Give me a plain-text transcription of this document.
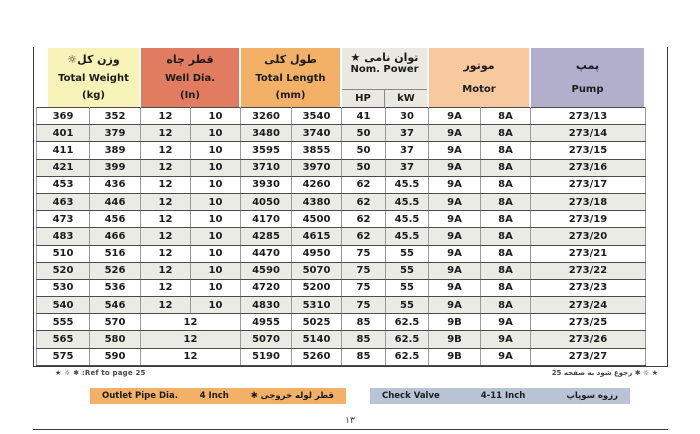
وزن کل☼
Total Weight
(kg)
قطر چاه
Well Dia.
(In)
طول کلی
Total Length
(mm)
توان نامی ★
Nom. Power
HP	kW
موتور
Motor
پمپ
Pump
369	352	12	10	3260	3540	41	30	9A	8A	273/13
401	379	12	10	3480	3740	50	37	9A	8A	273/14
411	389	12	10	3595	3855	50	37	9A	8A	273/15
421	399	12	10	3710	3970	50	37	9A	8A	273/16
453	436	12	10	3930	4260	62	45.5	9A	8A	273/17
463	446	12	10	4050	4380	62	45.5	9A	8A	273/18
473	456	12	10	4170	4500	62	45.5	9A	8A	273/19
483	466	12	10	4285	4615	62	45.5	9A	8A	273/20
510	516	12	10	4470	4950	75	55	9A	8A	273/21
520	526	12	10	4590	5070	75	55	9A	8A	273/22
530	536	12	10	4720	5200	75	55	9A	8A	273/23
540	546	12	10	4830	5310	75	55	9A	8A	273/24
555	570	12		4955	5025	85	62.5	9B	9A	273/25
565	580	12		5070	5140	85	62.5	9B	9A	273/26
575	590	12		5190	5260	85	62.5	9B	9A	273/27
★ ☼ ✱ :Ref to page 25	★ ☼ ✱ رجوع شود به صفحه 25
Outlet Pipe Dia.	4 Inch	قطر لوله خروجی ✱	Check Valve	4-11 Inch	رزوه سوپاپ
۱۳
